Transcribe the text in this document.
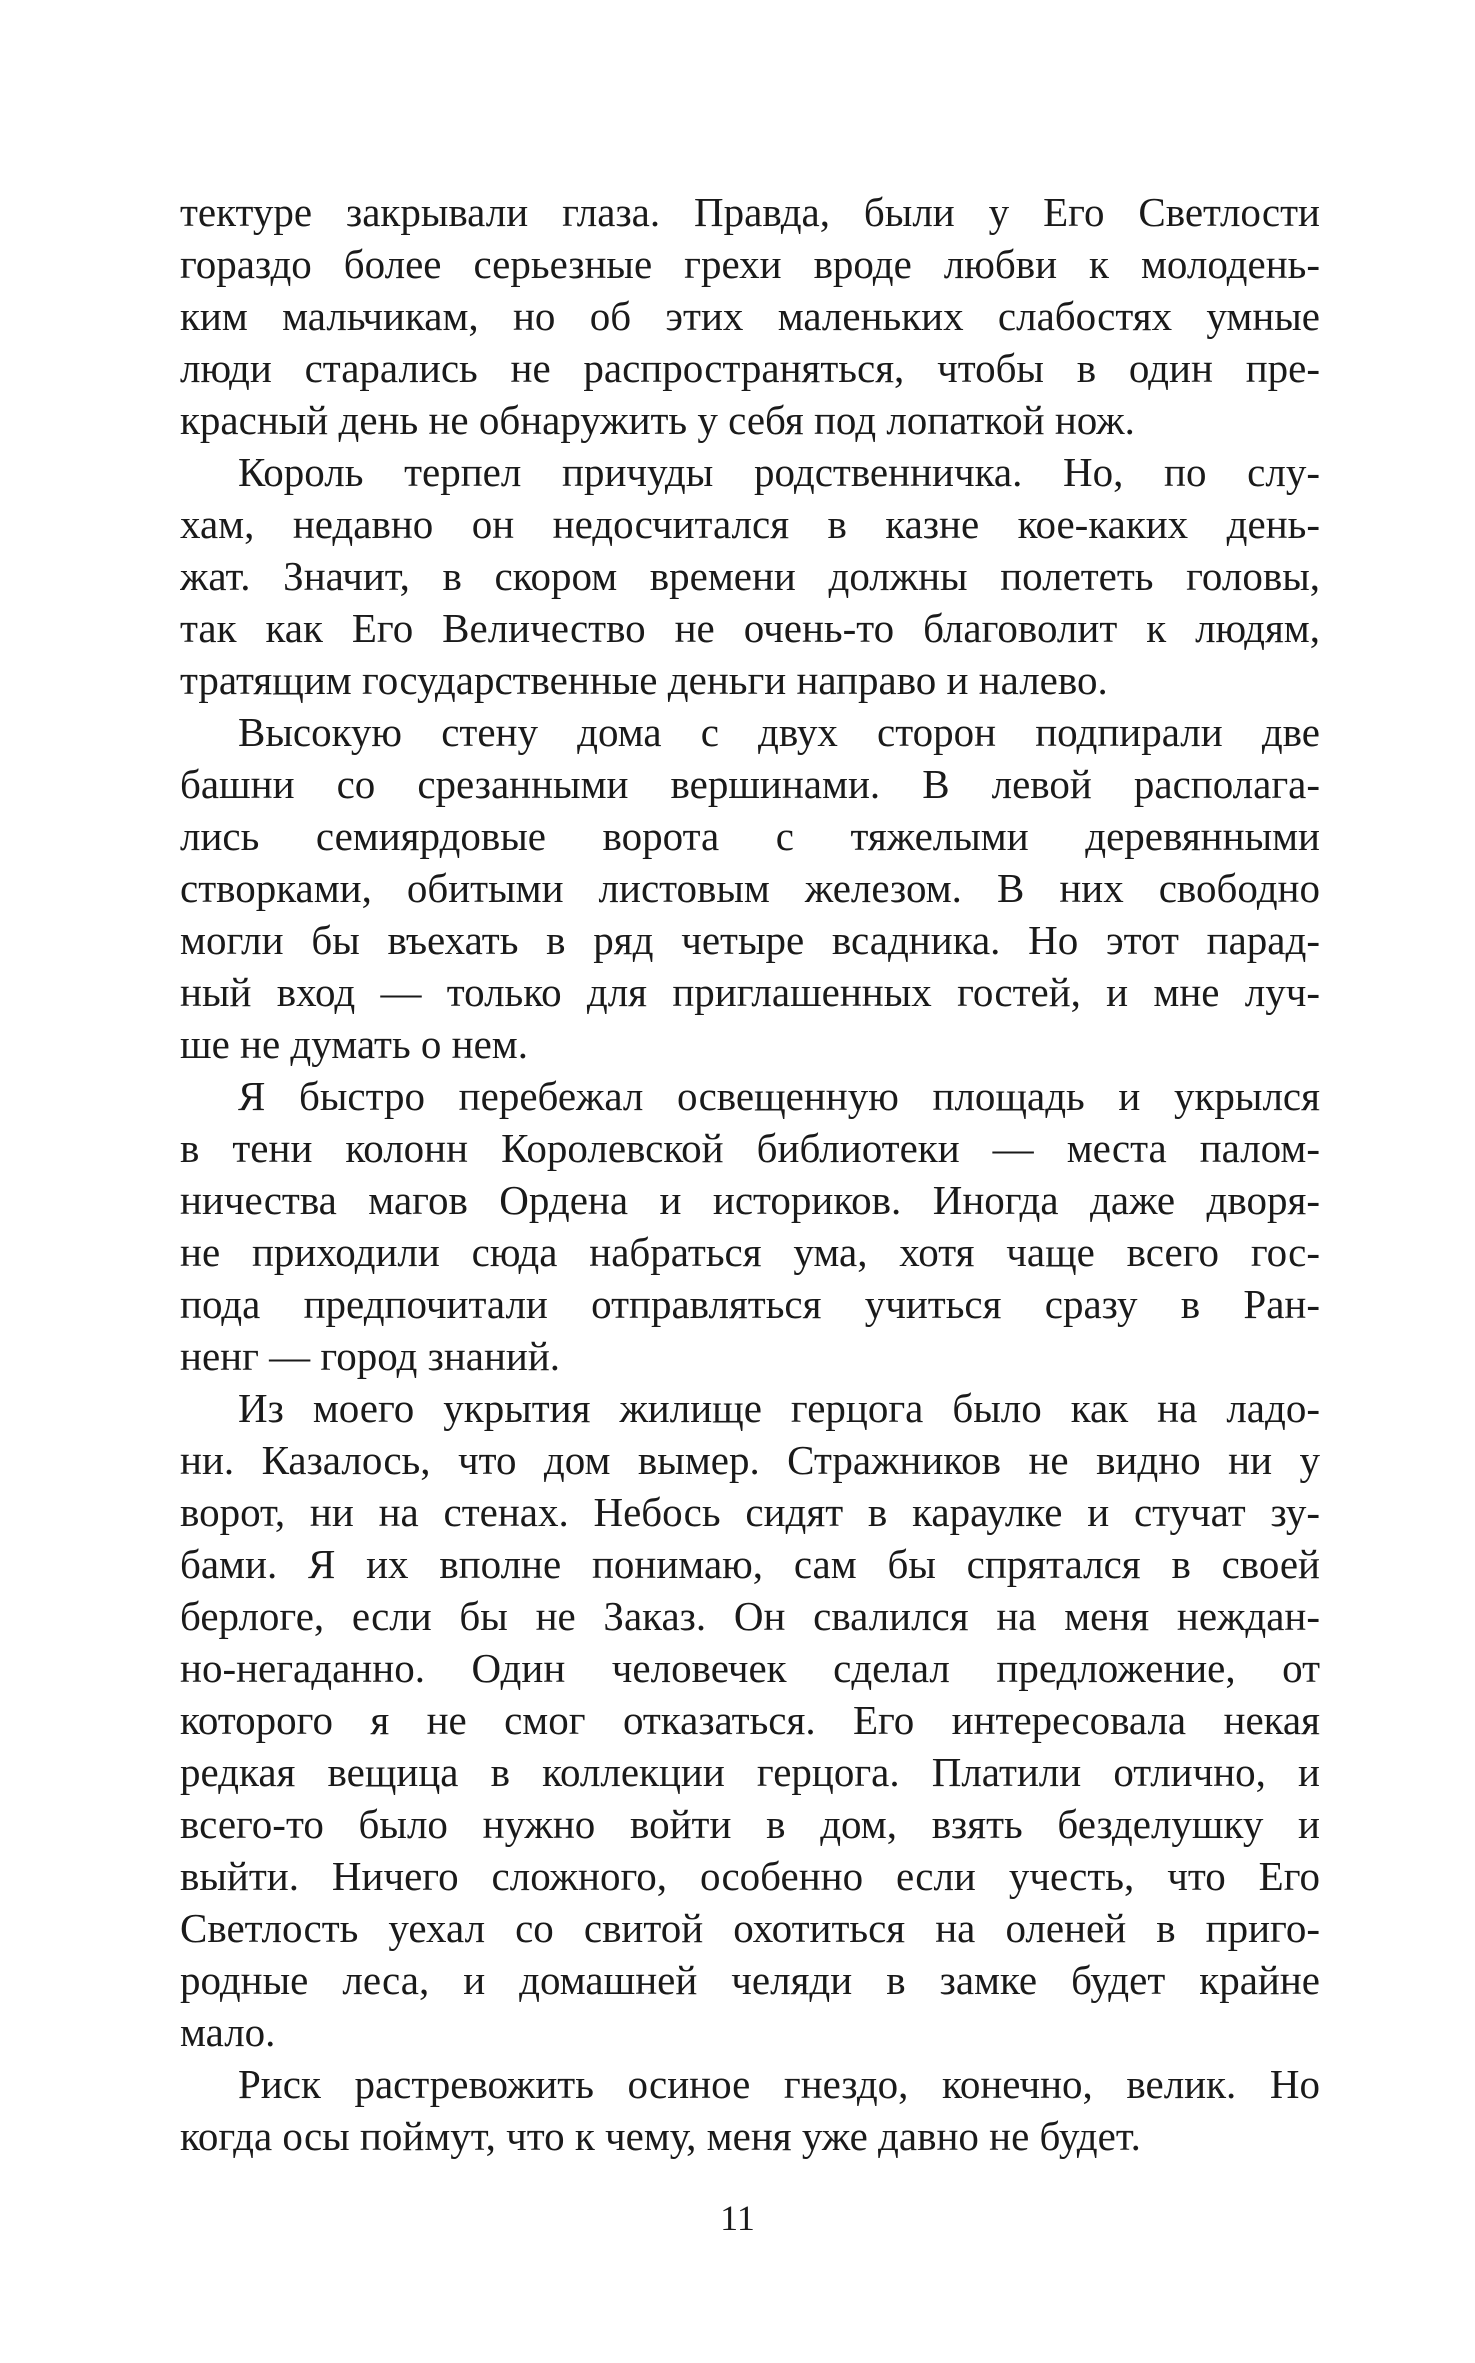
тектуре закрывали глаза. Правда, были у Его Светлости
гораздо более серьезные грехи вроде любви к молодень-
ким мальчикам, но об этих маленьких слабостях умные
люди старались не распространяться, чтобы в один пре-
красный день не обнаружить у себя под лопаткой нож.
Король терпел причуды родственничка. Но, по слу-
хам, недавно он недосчитался в казне кое-каких день-
жат. Значит, в скором времени должны полететь головы,
так как Его Величество не очень-то благоволит к людям,
тратящим государственные деньги направо и налево.
Высокую стену дома с двух сторон подпирали две
башни со срезанными вершинами. В левой располага-
лись семиярдовые ворота с тяжелыми деревянными
створками, обитыми листовым железом. В них свободно
могли бы въехать в ряд четыре всадника. Но этот парад-
ный вход — только для приглашенных гостей, и мне луч-
ше не думать о нем.
Я быстро перебежал освещенную площадь и укрылся
в тени колонн Королевской библиотеки — места палом-
ничества магов Ордена и историков. Иногда даже дворя-
не приходили сюда набраться ума, хотя чаще всего гос-
пода предпочитали отправляться учиться сразу в Ран-
ненг — город знаний.
Из моего укрытия жилище герцога было как на ладо-
ни. Казалось, что дом вымер. Стражников не видно ни у
ворот, ни на стенах. Небось сидят в караулке и стучат зу-
бами. Я их вполне понимаю, сам бы спрятался в своей
берлоге, если бы не Заказ. Он свалился на меня неждан-
но-негаданно. Один человечек сделал предложение, от
которого я не смог отказаться. Его интересовала некая
редкая вещица в коллекции герцога. Платили отлично, и
всего-то было нужно войти в дом, взять безделушку и
выйти. Ничего сложного, особенно если учесть, что Его
Светлость уехал со свитой охотиться на оленей в приго-
родные леса, и домашней челяди в замке будет крайне
мало.
Риск растревожить осиное гнездо, конечно, велик. Но
когда осы поймут, что к чему, меня уже давно не будет.
11
